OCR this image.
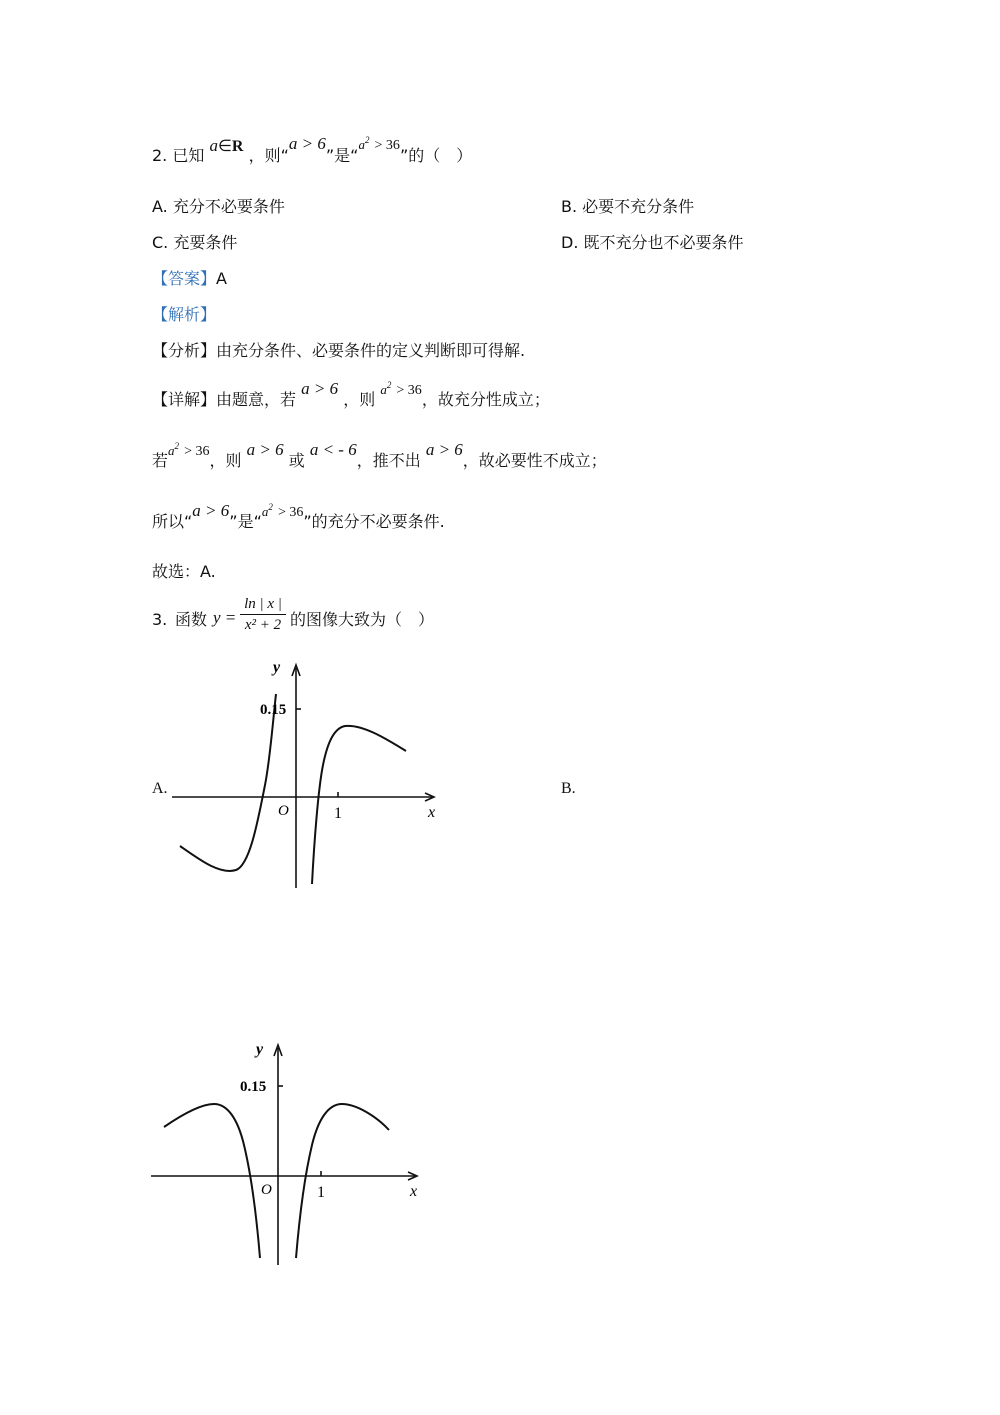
2. 已知 a∈R ，则“a > 6”是“$^{a2}$ > 36”的（　）
A. 充分不必要条件	B. 必要不充分条件
C. 充要条件	D. 既不充分也不必要条件
【答案】A
【解析】
【分析】由充分条件、必要条件的定义判断即可得解.
【详解】由题意，若 a > 6 ，则 $a^2 > 36$，故充分性成立；
若$a^2 > 36$，则 a > 6 或 a < - 6，推不出 a > 6，故必要性不成立；
所以“a > 6”是“$a^2 > 36$”的充分不必要条件.
故选：A.
3. 函数 y =
ln | x |
x² + 2 的图像大致为（　）
A.	B.
y
x
O	1
0.15
y
x
O	1
0.15
